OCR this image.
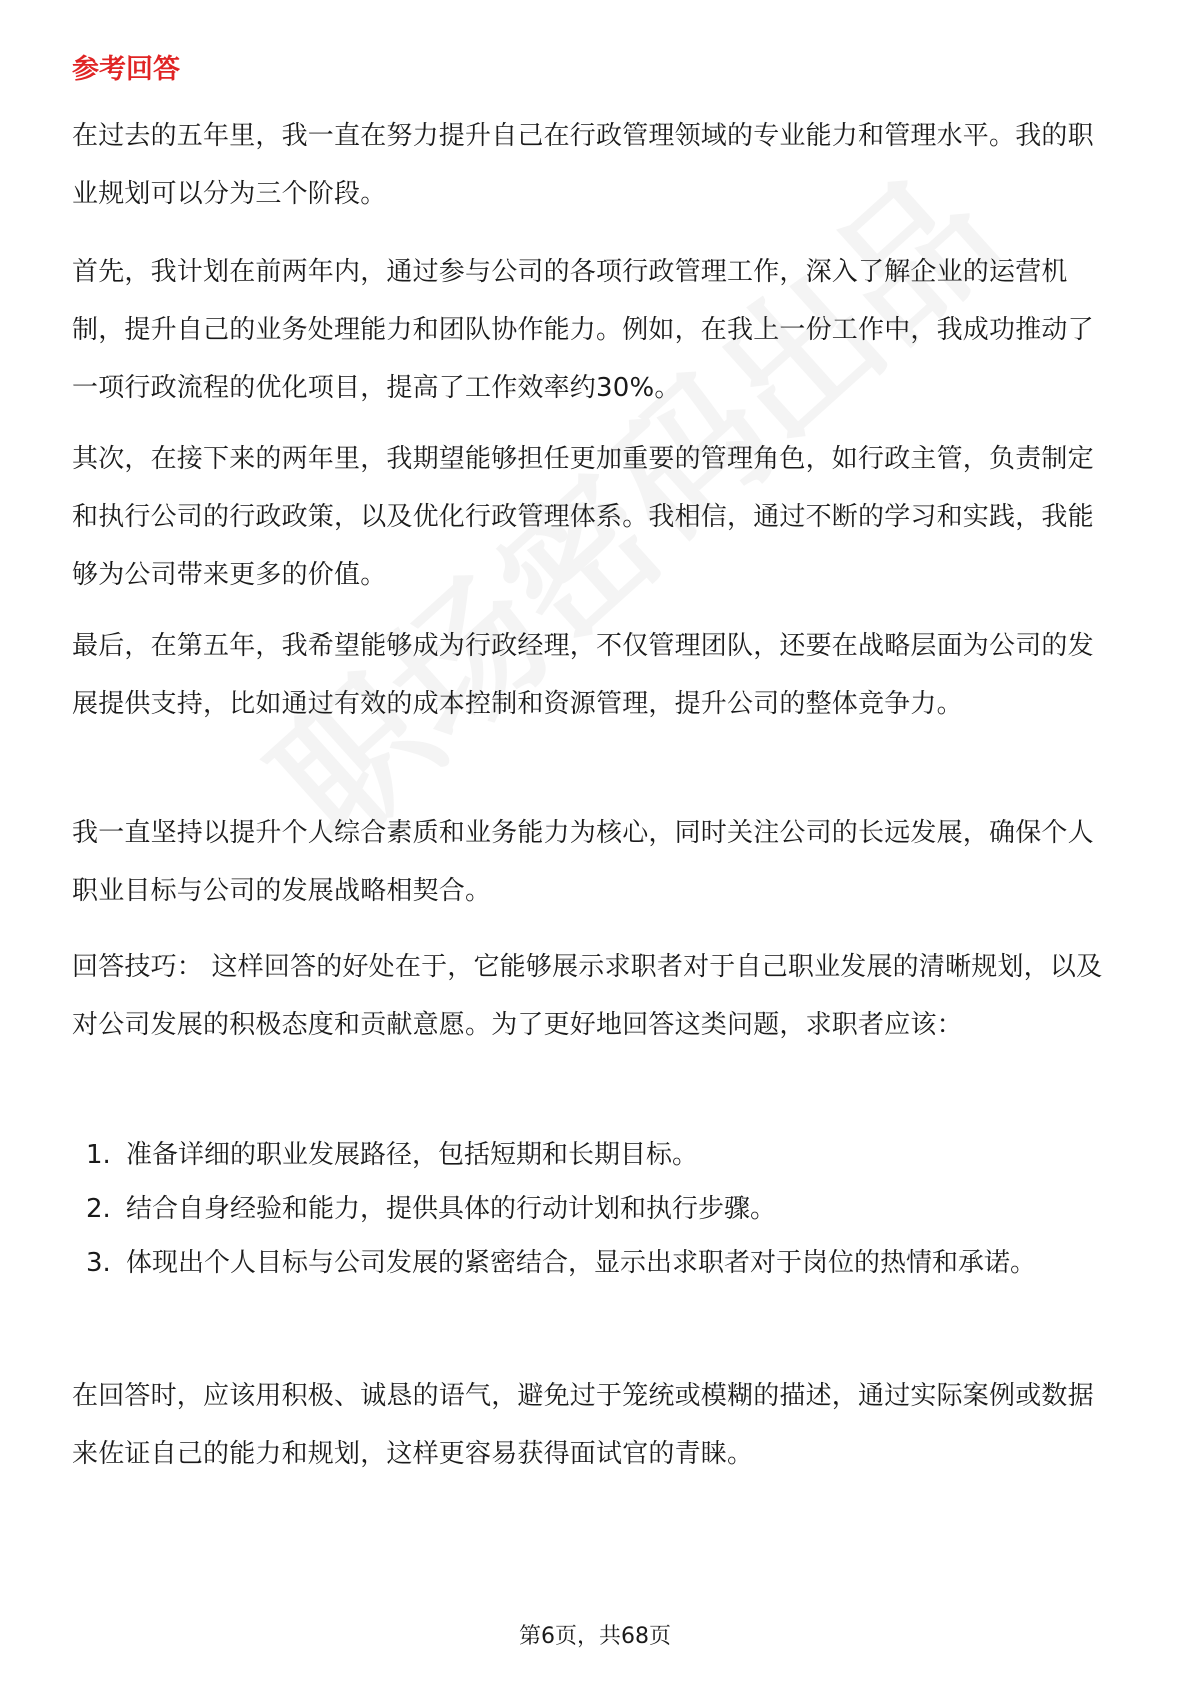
参考回答

在过去的五年里，我一直在努力提升自己在行政管理领域的专业能力和管理水平。我的职业规划可以分为三个阶段。

首先，我计划在前两年内，通过参与公司的各项行政管理工作，深入了解企业的运营机制，提升自己的业务处理能力和团队协作能力。例如，在我上一份工作中，我成功推动了一项行政流程的优化项目，提高了工作效率约30%。

其次，在接下来的两年里，我期望能够担任更加重要的管理角色，如行政主管，负责制定和执行公司的行政政策，以及优化行政管理体系。我相信，通过不断的学习和实践，我能够为公司带来更多的价值。

最后，在第五年，我希望能够成为行政经理，不仅管理团队，还要在战略层面为公司的发展提供支持，比如通过有效的成本控制和资源管理，提升公司的整体竞争力。

我一直坚持以提升个人综合素质和业务能力为核心，同时关注公司的长远发展，确保个人职业目标与公司的发展战略相契合。

回答技巧： 这样回答的好处在于，它能够展示求职者对于自己职业发展的清晰规划，以及对公司发展的积极态度和贡献意愿。为了更好地回答这类问题，求职者应该：

1. 准备详细的职业发展路径，包括短期和长期目标。
2. 结合自身经验和能力，提供具体的行动计划和执行步骤。
3. 体现出个人目标与公司发展的紧密结合，显示出求职者对于岗位的热情和承诺。

在回答时，应该用积极、诚恳的语气，避免过于笼统或模糊的描述，通过实际案例或数据来佐证自己的能力和规划，这样更容易获得面试官的青睐。

第6页，共68页
